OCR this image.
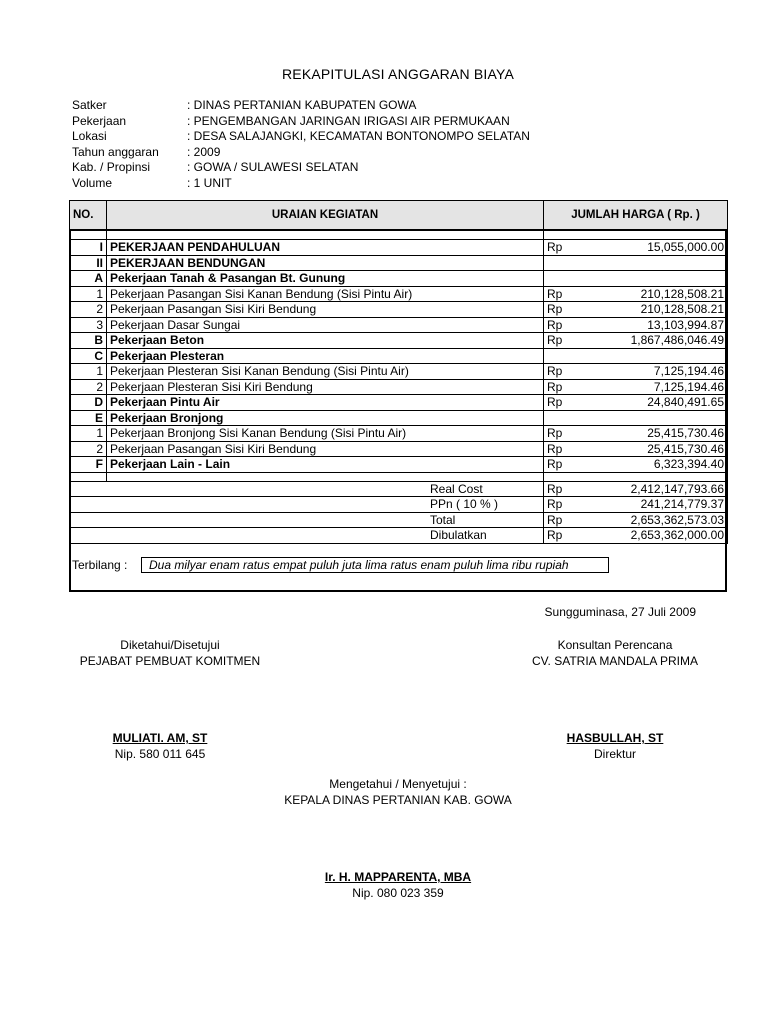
REKAPITULASI ANGGARAN BIAYA
Satker	: DINAS PERTANIAN KABUPATEN GOWA
Pekerjaan	: PENGEMBANGAN JARINGAN IRIGASI AIR PERMUKAAN
Lokasi	: DESA SALAJANGKI, KECAMATAN BONTONOMPO SELATAN
Tahun anggaran : 2009
Kab. / Propinsi	: GOWA / SULAWESI SELATAN
Volume	: 1 UNIT
NO.	URAIAN KEGIATAN	JUMLAH HARGA ( Rp. )	

I	PEKERJAAN PENDAHULUAN	Rp	15,055,000.00
II	PEKERJAAN BENDUNGAN		
A	Pekerjaan Tanah & Pasangan Bt. Gunung		
1	Pekerjaan Pasangan Sisi Kanan Bendung (Sisi Pintu Air)	Rp	210,128,508.21
2	Pekerjaan Pasangan Sisi Kiri Bendung	Rp	210,128,508.21
3	Pekerjaan Dasar Sungai	Rp	13,103,994.87
B	Pekerjaan Beton	Rp	1,867,486,046.49
C	Pekerjaan Plesteran		
1	Pekerjaan Plesteran Sisi Kanan Bendung (Sisi Pintu Air)	Rp	7,125,194.46
2	Pekerjaan Plesteran Sisi Kiri Bendung	Rp	7,125,194.46
D	Pekerjaan Pintu Air	Rp	24,840,491.65
E	Pekerjaan Bronjong		
1	Pekerjaan Bronjong Sisi Kanan Bendung (Sisi Pintu Air)	Rp	25,415,730.46
2	Pekerjaan Pasangan Sisi Kiri Bendung	Rp	25,415,730.46
F	Pekerjaan Lain - Lain	Rp	6,323,394.40

Real Cost		Rp	2,412,147,793.66
PPn ( 10 % )		Rp	241,214,779.37
Total		Rp	2,653,362,573.03
Dibulatkan		Rp	2,653,362,000.00
Terbilang :	Dua milyar enam ratus empat puluh juta lima ratus enam puluh lima ribu rupiah
Sungguminasa, 27 Juli 2009
Diketahui/Disetujui
PEJABAT PEMBUAT KOMITMEN
MULIATI. AM, ST
Nip. 580 011 645
Konsultan Perencana
CV. SATRIA MANDALA PRIMA
HASBULLAH, ST
Direktur
Mengetahui / Menyetujui :
KEPALA DINAS PERTANIAN KAB. GOWA
Ir. H. MAPPARENTA, MBA
Nip. 080 023 359
